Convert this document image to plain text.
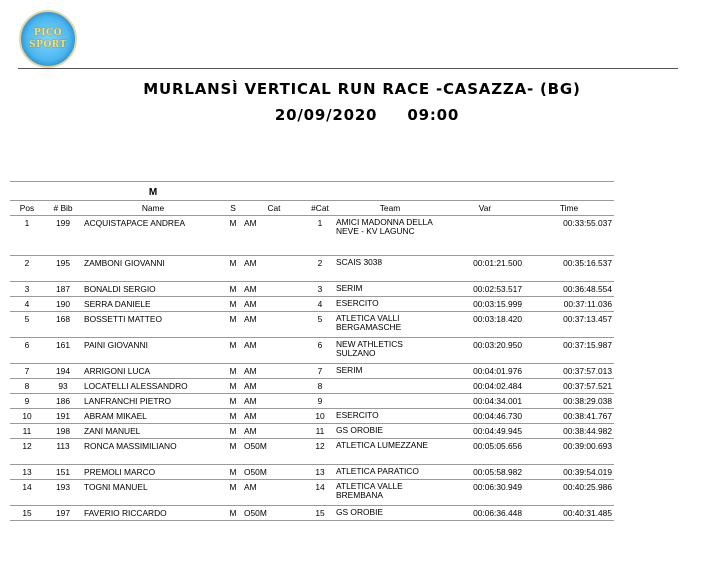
PICO
SPORT
MURLANSÌ VERTICAL RUN RACE -CASAZZA- (BG)
20/09/2020     09:00
		M						
Pos	# Bib	Name	S	Cat	#Cat	Team	Var	Time
1	199	ACQUISTAPACE ANDREA	M	AM	1	AMICI MADONNA DELLA NEVE - KV LAGUNC		00:33:55.037
2	195	ZAMBONI GIOVANNI	M	AM	2	SCAIS 3038	00:01:21.500	00:35:16.537
3	187	BONALDI SERGIO	M	AM	3	SERIM	00:02:53.517	00:36:48.554
4	190	SERRA DANIELE	M	AM	4	ESERCITO	00:03:15.999	00:37:11.036
5	168	BOSSETTI MATTEO	M	AM	5	ATLETICA VALLI BERGAMASCHE	00:03:18.420	00:37:13.457
6	161	PAINI GIOVANNI	M	AM	6	NEW ATHLETICS SULZANO	00:03:20.950	00:37:15.987
7	194	ARRIGONI LUCA	M	AM	7	SERIM	00:04:01.976	00:37:57.013
8	93	LOCATELLI ALESSANDRO	M	AM	8		00:04:02.484	00:37:57.521
9	186	LANFRANCHI PIETRO	M	AM	9		00:04:34.001	00:38:29.038
10	191	ABRAM MIKAEL	M	AM	10	ESERCITO	00:04:46.730	00:38:41.767
11	198	ZANI MANUEL	M	AM	11	GS OROBIE	00:04:49.945	00:38:44.982
12	113	RONCA MASSIMILIANO	M	O50M	12	ATLETICA LUMEZZANE	00:05:05.656	00:39:00.693
13	151	PREMOLI MARCO	M	O50M	13	ATLETICA PARATICO	00:05:58.982	00:39:54.019
14	193	TOGNI MANUEL	M	AM	14	ATLETICA VALLE BREMBANA	00:06:30.949	00:40:25.986
15	197	FAVERIO RICCARDO	M	O50M	15	GS OROBIE	00:06:36.448	00:40:31.485
